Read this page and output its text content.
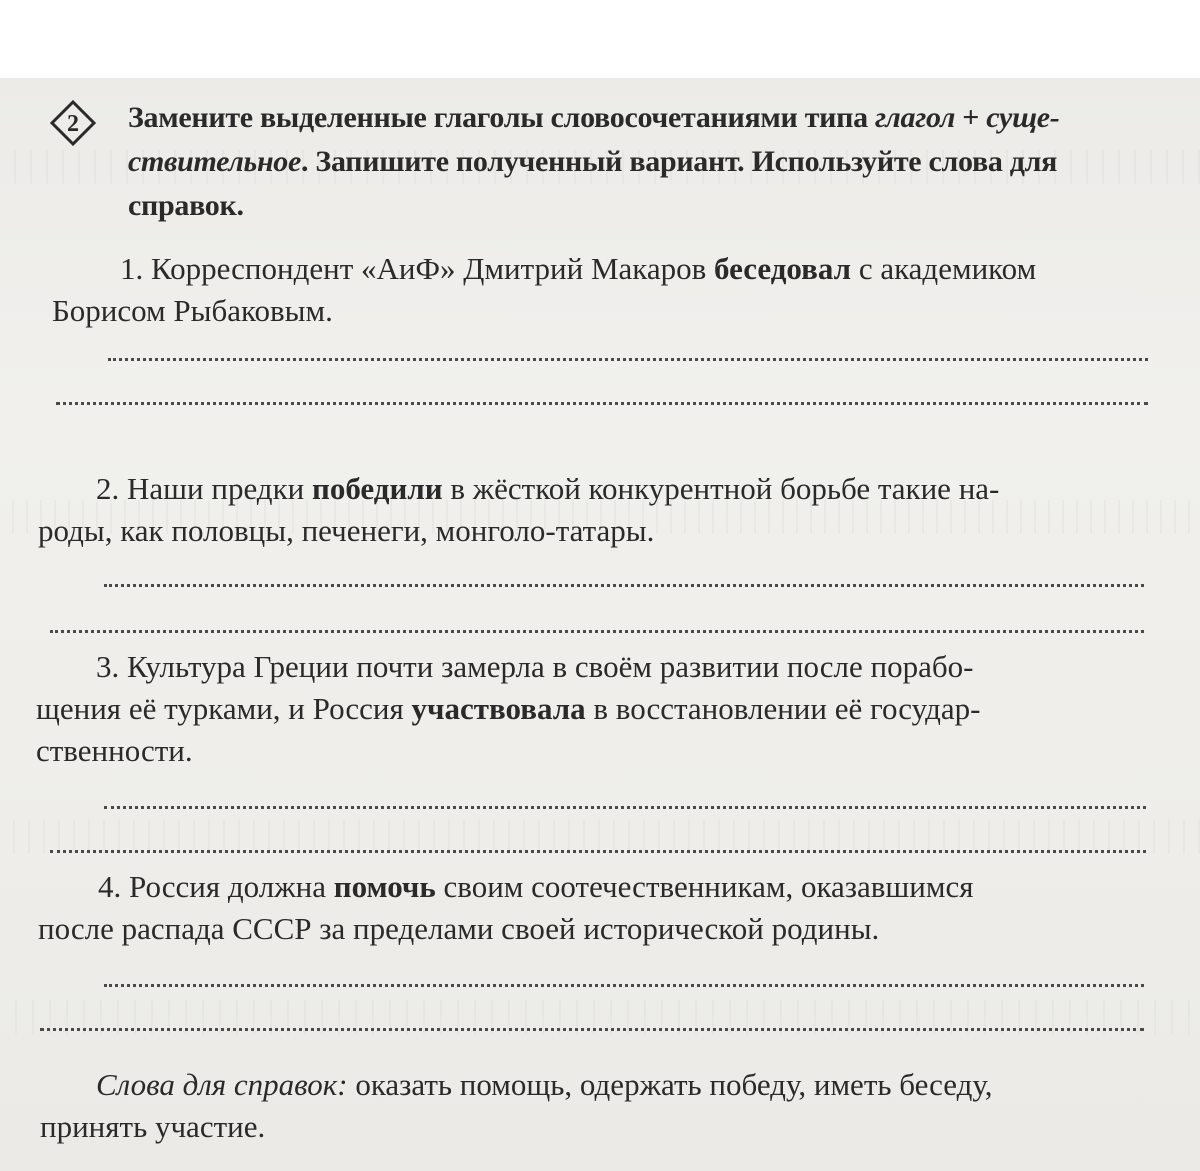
2 Замените выделенные глаголы словосочетаниями типа глагол + суще-
ствительное. Запишите полученный вариант. Используйте слова для
справок.
1. Корреспондент «АиФ» Дмитрий Макаров беседовал с академиком
Борисом Рыбаковым.
2. Наши предки победили в жёсткой конкурентной борьбе такие на-
роды, как половцы, печенеги, монголо-татары.
3. Культура Греции почти замерла в своём развитии после порабо-
щения её турками, и Россия участвовала в восстановлении её государ-
ственности.
4. Россия должна помочь своим соотечественникам, оказавшимся
после распада СССР за пределами своей исторической родины.
Слова для справок: оказать помощь, одержать победу, иметь беседу,
принять участие.
